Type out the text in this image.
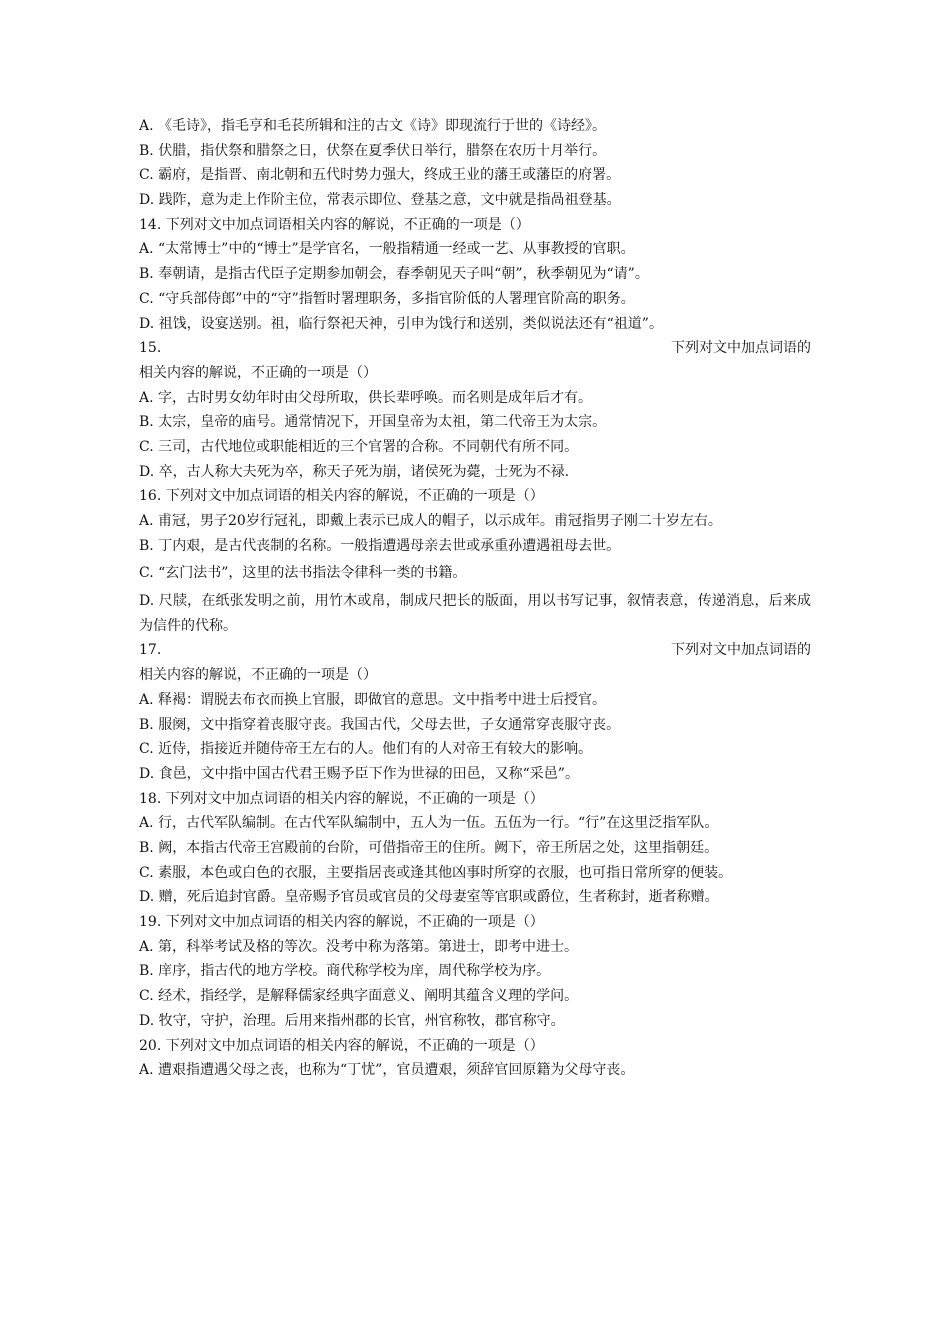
A. 《毛诗》，指毛亨和毛苌所辑和注的古文《诗》即现流行于世的《诗经》。
B. 伏腊，指伏祭和腊祭之日，伏祭在夏季伏日举行，腊祭在农历十月举行。
C. 霸府，是指晋、南北朝和五代时势力强大，终成王业的藩王或藩臣的府署。
D. 践阼，意为走上作阶主位，常表示即位、登基之意，文中就是指咼祖登基。
14. 下列对文中加点词语相关内容的解说，不正确的一项是（）
A. “太常博士”中的“博士”是学官名，一般指精通一经或一艺、从事教授的官职。
B. 奉朝请，是指古代臣子定期参加朝会，春季朝见天子叫“朝”，秋季朝见为“请”。
C. “守兵部侍郎”中的“守”指暂时署理职务，多指官阶低的人署理官阶高的职务。
D. 祖饯，设宴送别。祖，临行祭祀天神，引申为饯行和送别，类似说法还有“祖道”。
15.	下列对文中加点词语的
相关内容的解说，不正确的一项是（）
A. 字，古时男女幼年时由父母所取，供长辈呼唤。而名则是成年后才有。
B. 太宗，皇帝的庙号。通常情况下，开国皇帝为太祖，第二代帝王为太宗。
C. 三司，古代地位或职能相近的三个官署的合称。不同朝代有所不同。
D. 卒，古人称大夫死为卒，称天子死为崩，诸侯死为薨，士死为不禄.
16. 下列对文中加点词语的相关内容的解说，不正确的一项是（）
A. 甫冠，男子20岁行冠礼，即戴上表示已成人的帽子，以示成年。甫冠指男子刚二十岁左右。
B. 丁内艰，是古代丧制的名称。一般指遭遇母亲去世或承重孙遭遇祖母去世。
C. “玄门法书”，这里的法书指法令律科一类的书籍。
D. 尺牍，在纸张发明之前，用竹木或帛，制成尺把长的版面，用以书写记事，叙情表意，传递消息，后来成为信件的代称。
17.	下列对文中加点词语的
相关内容的解说，不正确的一项是（）
A. 释褐：谓脱去布衣而换上官服，即做官的意思。文中指考中进士后授官。
B. 服阕，文中指穿着丧服守丧。我国古代，父母去世，子女通常穿丧服守丧。
C. 近侍，指接近并随侍帝王左右的人。他们有的人对帝王有较大的影响。
D. 食邑，文中指中国古代君王赐予臣下作为世禄的田邑，又称“采邑”。
18. 下列对文中加点词语的相关内容的解说，不正确的一项是（）
A. 行，古代军队编制。在古代军队编制中，五人为一伍。五伍为一行。“行”在这里泛指军队。
B. 阙，本指古代帝王宫殿前的台阶，可借指帝王的住所。阙下，帝王所居之处，这里指朝廷。
C. 素服，本色或白色的衣服，主要指居丧或逢其他凶事时所穿的衣服，也可指日常所穿的便装。
D. 赠，死后追封官爵。皇帝赐予官员或官员的父母妻室等官职或爵位，生者称封，逝者称赠。
19. 下列对文中加点词语的相关内容的解说，不正确的一项是（）
A. 第，科举考试及格的等次。没考中称为落第。第进士，即考中进士。
B. 庠序，指古代的地方学校。商代称学校为庠，周代称学校为序。
C. 经术，指经学，是解释儒家经典字面意义、阐明其蕴含义理的学问。
D. 牧守，守护，治理。后用来指州郡的长官，州官称牧，郡官称守。
20. 下列对文中加点词语的相关内容的解说，不正确的一项是（）
A. 遭艰指遭遇父母之丧，也称为“丁忧”，官员遭艰，须辞官回原籍为父母守丧。
